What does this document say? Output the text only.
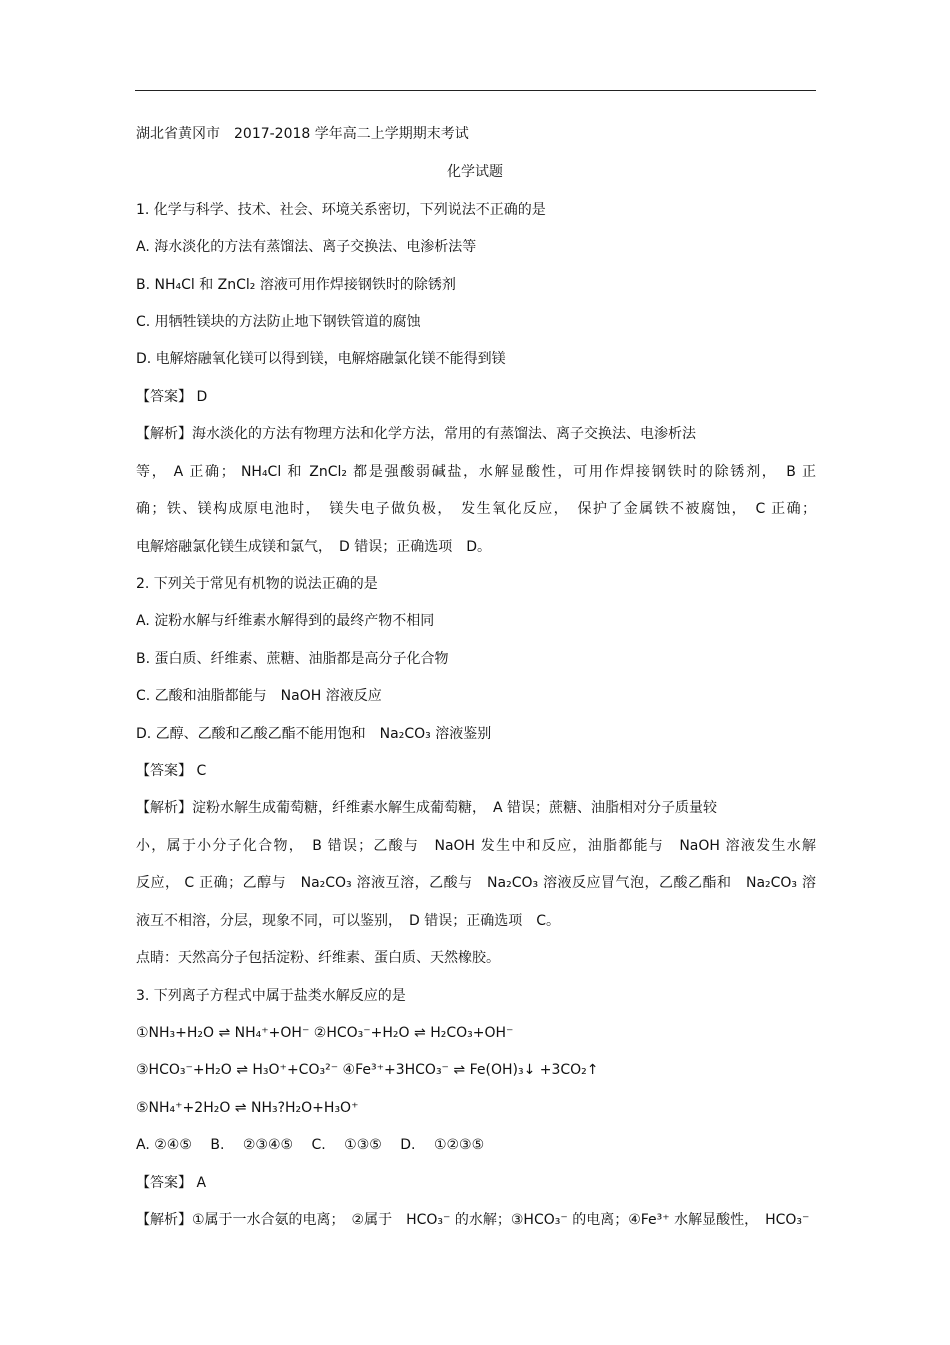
湖北省黄冈市　2017-2018 学年高二上学期期末考试
化学试题
1. 化学与科学、技术、社会、环境关系密切，下列说法不正确的是
A. 海水淡化的方法有蒸馏法、离子交换法、电渗析法等
B. NH₄Cl 和 ZnCl₂ 溶液可用作焊接钢铁时的除锈剂
C. 用牺牲镁块的方法防止地下钢铁管道的腐蚀
D. 电解熔融氧化镁可以得到镁，电解熔融氯化镁不能得到镁
【答案】 D
【解析】海水淡化的方法有物理方法和化学方法，常用的有蒸馏法、离子交换法、电渗析法
等， A 正确； NH₄Cl 和 ZnCl₂ 都是强酸弱碱盐，水解显酸性，可用作焊接钢铁时的除锈剂，　B 正
确；铁、镁构成原电池时，　镁失电子做负极，　发生氧化反应，　保护了金属铁不被腐蚀，　C 正确；
电解熔融氯化镁生成镁和氯气，　D 错误；正确选项　D。
2. 下列关于常见有机物的说法正确的是
A. 淀粉水解与纤维素水解得到的最终产物不相同
B. 蛋白质、纤维素、蔗糖、油脂都是高分子化合物
C. 乙酸和油脂都能与　NaOH 溶液反应
D. 乙醇、乙酸和乙酸乙酯不能用饱和　Na₂CO₃ 溶液鉴别
【答案】 C
【解析】淀粉水解生成葡萄糖，纤维素水解生成葡萄糖，　A 错误；蔗糖、油脂相对分子质量较
小，属于小分子化合物，　B 错误；乙酸与　NaOH 发生中和反应，油脂都能与　NaOH 溶液发生水解
反应， C 正确；乙醇与　Na₂CO₃ 溶液互溶，乙酸与　Na₂CO₃ 溶液反应冒气泡，乙酸乙酯和　Na₂CO₃ 溶
液互不相溶，分层，现象不同，可以鉴别，　D 错误；正确选项　C。
点睛：天然高分子包括淀粉、纤维素、蛋白质、天然橡胶。
3. 下列离子方程式中属于盐类水解反应的是
①NH₃+H₂O ⇌ NH₄⁺+OH⁻ ②HCO₃⁻+H₂O ⇌ H₂CO₃+OH⁻
③HCO₃⁻+H₂O ⇌ H₃O⁺+CO₃²⁻ ④Fe³⁺+3HCO₃⁻ ⇌ Fe(OH)₃↓ +3CO₂↑
⑤NH₄⁺+2H₂O ⇌ NH₃?H₂O+H₃O⁺
A. ②④⑤　 B.　 ②③④⑤　 C.　 ①③⑤　 D.　 ①②③⑤
【答案】 A
【解析】①属于一水合氨的电离；　②属于　HCO₃⁻ 的水解；③HCO₃⁻ 的电离；④Fe³⁺ 水解显酸性，　HCO₃⁻
